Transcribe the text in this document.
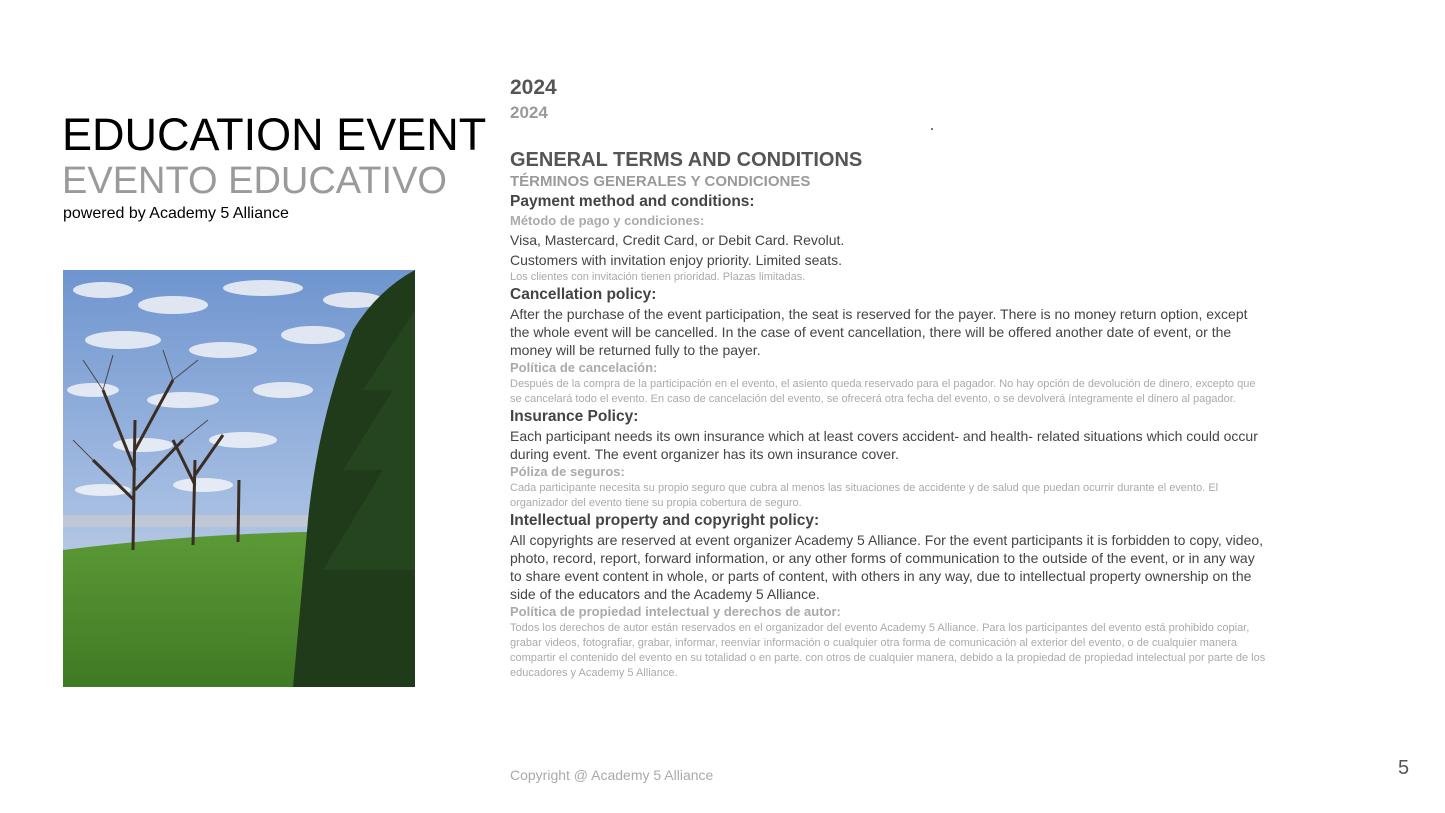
EDUCATION EVENT
EVENTO EDUCATIVO
powered by Academy 5 Alliance
2024
2024
GENERAL TERMS AND CONDITIONS
TÉRMINOS GENERALES Y CONDICIONES
Payment method and conditions:
Método de pago y condiciones:
Visa, Mastercard, Credit Card, or Debit Card. Revolut.
Customers with invitation enjoy priority. Limited seats.
Los clientes con invitación tienen prioridad. Plazas limitadas.
Cancellation policy:
After the purchase of the event participation, the seat is reserved for the payer. There is no money return option, except the whole event will be cancelled. In the case of event cancellation, there will be offered another date of event, or the money will be returned fully to the payer.
Política de cancelación:
Después de la compra de la participación en el evento, el asiento queda reservado para el pagador. No hay opción de devolución de dinero, excepto que se cancelará todo el evento. En caso de cancelación del evento, se ofrecerá otra fecha del evento, o se devolverá íntegramente el dinero al pagador.
Insurance Policy:
Each participant needs its own insurance which at least covers accident- and health- related situations which could occur during event. The event organizer has its own insurance cover.
Póliza de seguros:
Cada participante necesita su propio seguro que cubra al menos las situaciones de accidente y de salud que puedan ocurrir durante el evento. El organizador del evento tiene su propia cobertura de seguro.
Intellectual property and copyright policy:
All copyrights are reserved at event organizer Academy 5 Alliance. For the event participants it is forbidden to copy, video, photo, record, report, forward information, or any other forms of communication to the outside of the event, or in any way to share event content in whole, or parts of content, with others in any way, due to intellectual property ownership on the side of the educators and the Academy 5 Alliance.
Política de propiedad intelectual y derechos de autor:
Todos los derechos de autor están reservados en el organizador del evento Academy 5 Alliance. Para los participantes del evento está prohibido copiar, grabar videos, fotografiar, grabar, informar, reenviar información o cualquier otra forma de comunicación al exterior del evento, o de cualquier manera compartir el contenido del evento en su totalidad o en parte. con otros de cualquier manera, debido a la propiedad de propiedad intelectual por parte de los educadores y Academy 5 Alliance.
Copyright @ Academy 5 Alliance	5
